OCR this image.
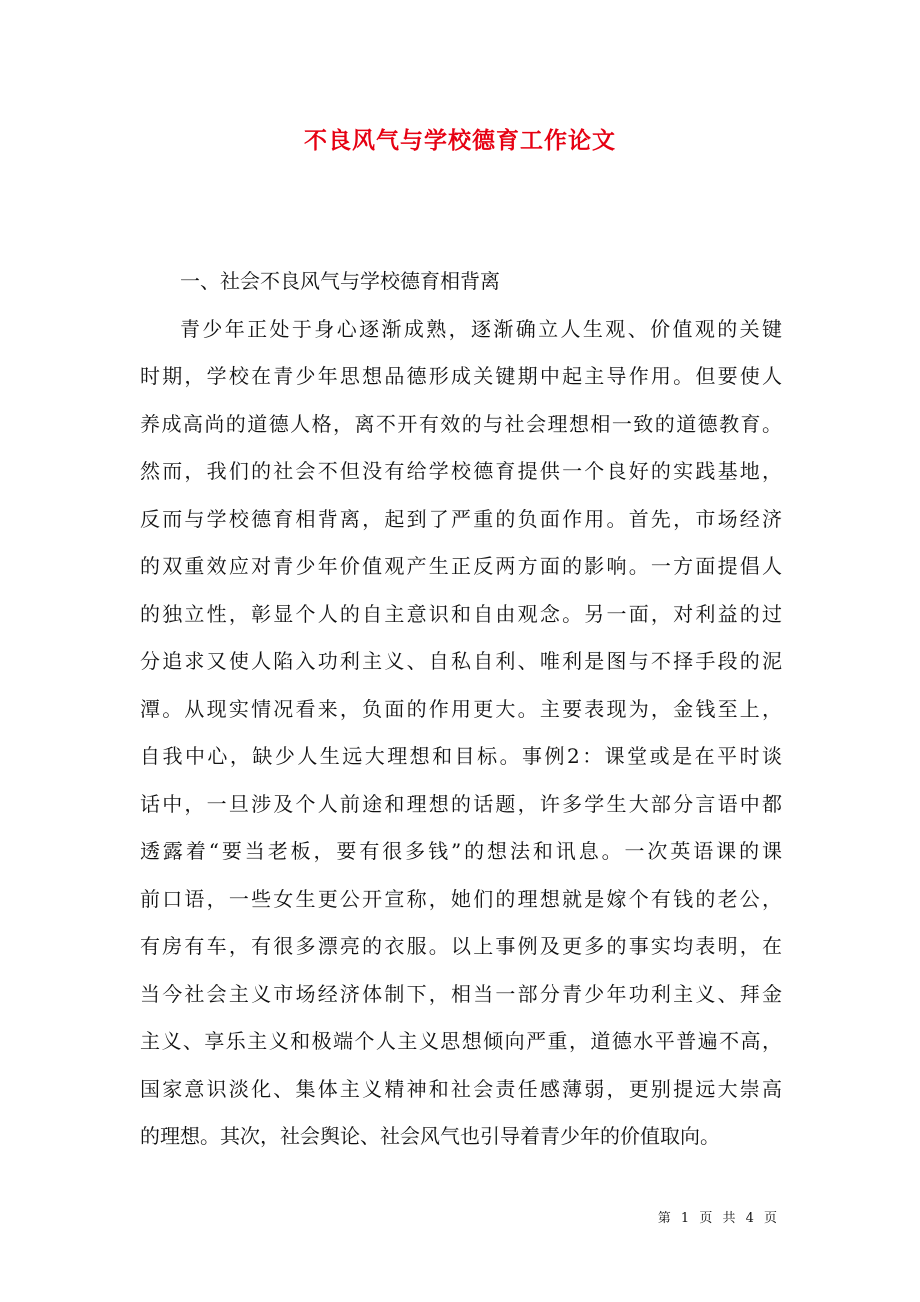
不良风气与学校德育工作论文
一、社会不良风气与学校德育相背离
青少年正处于身心逐渐成熟，逐渐确立人生观、价值观的关键
时期，学校在青少年思想品德形成关键期中起主导作用。但要使人
养成高尚的道德人格，离不开有效的与社会理想相一致的道德教育。
然而，我们的社会不但没有给学校德育提供一个良好的实践基地，
反而与学校德育相背离，起到了严重的负面作用。首先，市场经济
的双重效应对青少年价值观产生正反两方面的影响。一方面提倡人
的独立性，彰显个人的自主意识和自由观念。另一面，对利益的过
分追求又使人陷入功利主义、自私自利、唯利是图与不择手段的泥
潭。从现实情况看来，负面的作用更大。主要表现为，金钱至上，
自我中心，缺少人生远大理想和目标。事例2：课堂或是在平时谈
话中，一旦涉及个人前途和理想的话题，许多学生大部分言语中都
透露着“要当老板，要有很多钱”的想法和讯息。一次英语课的课
前口语，一些女生更公开宣称，她们的理想就是嫁个有钱的老公，
有房有车，有很多漂亮的衣服。以上事例及更多的事实均表明，在
当今社会主义市场经济体制下，相当一部分青少年功利主义、拜金
主义、享乐主义和极端个人主义思想倾向严重，道德水平普遍不高，
国家意识淡化、集体主义精神和社会责任感薄弱，更别提远大崇高
的理想。其次，社会舆论、社会风气也引导着青少年的价值取向。
第 1 页 共 4 页
